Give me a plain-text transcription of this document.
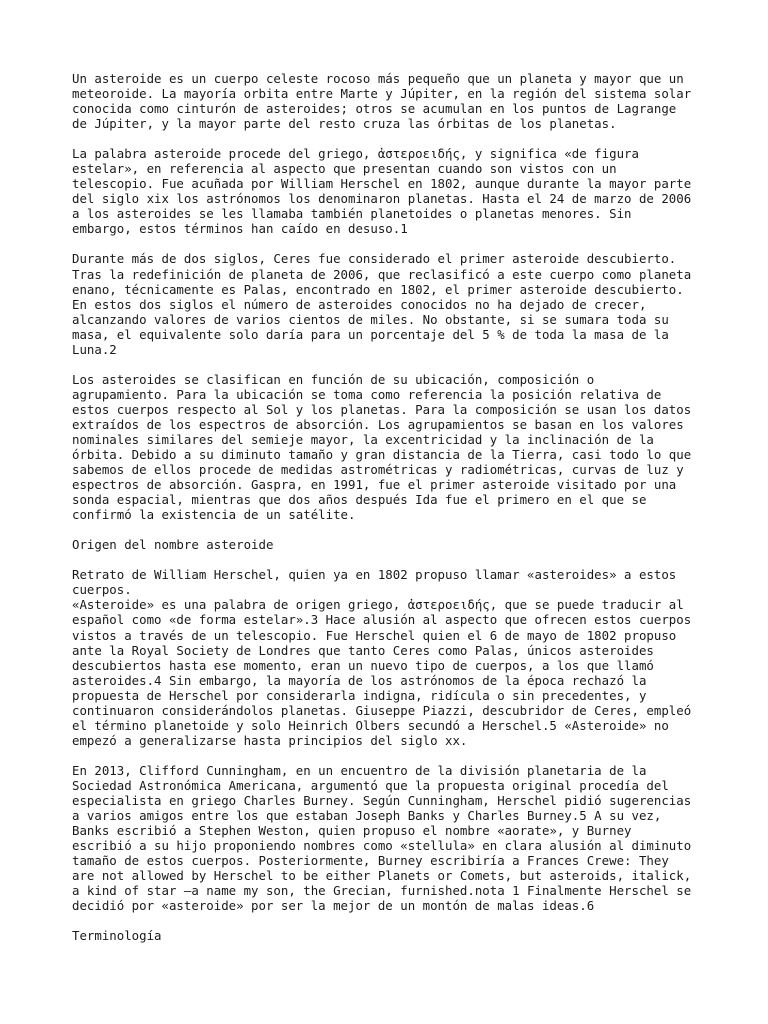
Un asteroide es un cuerpo celeste rocoso más pequeño que un planeta y mayor que un
meteoroide. La mayoría orbita entre Marte y Júpiter, en la región del sistema solar
conocida como cinturón de asteroides; otros se acumulan en los puntos de Lagrange
de Júpiter, y la mayor parte del resto cruza las órbitas de los planetas.

La palabra asteroide procede del griego, ἀστεροειδής, y significa «de figura
estelar», en referencia al aspecto que presentan cuando son vistos con un
telescopio. Fue acuñada por William Herschel en 1802, aunque durante la mayor parte
del siglo xix los astrónomos los denominaron planetas. Hasta el 24 de marzo de 2006
a los asteroides se les llamaba también planetoides o planetas menores. Sin
embargo, estos términos han caído en desuso.1

Durante más de dos siglos, Ceres fue considerado el primer asteroide descubierto.
Tras la redefinición de planeta de 2006, que reclasificó a este cuerpo como planeta
enano, técnicamente es Palas, encontrado en 1802, el primer asteroide descubierto.
En estos dos siglos el número de asteroides conocidos no ha dejado de crecer,
alcanzando valores de varios cientos de miles. No obstante, si se sumara toda su
masa, el equivalente solo daría para un porcentaje del 5 % de toda la masa de la
Luna.2

Los asteroides se clasifican en función de su ubicación, composición o
agrupamiento. Para la ubicación se toma como referencia la posición relativa de
estos cuerpos respecto al Sol y los planetas. Para la composición se usan los datos
extraídos de los espectros de absorción. Los agrupamientos se basan en los valores
nominales similares del semieje mayor, la excentricidad y la inclinación de la
órbita. Debido a su diminuto tamaño y gran distancia de la Tierra, casi todo lo que
sabemos de ellos procede de medidas astrométricas y radiométricas, curvas de luz y
espectros de absorción. Gaspra, en 1991, fue el primer asteroide visitado por una
sonda espacial, mientras que dos años después Ida fue el primero en el que se
confirmó la existencia de un satélite.

Origen del nombre asteroide

Retrato de William Herschel, quien ya en 1802 propuso llamar «asteroides» a estos
cuerpos.
«Asteroide» es una palabra de origen griego, ἀστεροειδής, que se puede traducir al
español como «de forma estelar».3 Hace alusión al aspecto que ofrecen estos cuerpos
vistos a través de un telescopio. Fue Herschel quien el 6 de mayo de 1802 propuso
ante la Royal Society de Londres que tanto Ceres como Palas, únicos asteroides
descubiertos hasta ese momento, eran un nuevo tipo de cuerpos, a los que llamó
asteroides.4 Sin embargo, la mayoría de los astrónomos de la época rechazó la
propuesta de Herschel por considerarla indigna, ridícula o sin precedentes, y
continuaron considerándolos planetas. Giuseppe Piazzi, descubridor de Ceres, empleó
el término planetoide y solo Heinrich Olbers secundó a Herschel.5 «Asteroide» no
empezó a generalizarse hasta principios del siglo xx.

En 2013, Clifford Cunningham, en un encuentro de la división planetaria de la
Sociedad Astronómica Americana, argumentó que la propuesta original procedía del
especialista en griego Charles Burney. Según Cunningham, Herschel pidió sugerencias
a varios amigos entre los que estaban Joseph Banks y Charles Burney.5 A su vez,
Banks escribió a Stephen Weston, quien propuso el nombre «aorate», y Burney
escribió a su hijo proponiendo nombres como «stellula» en clara alusión al diminuto
tamaño de estos cuerpos. Posteriormente, Burney escribiría a Frances Crewe: They
are not allowed by Herschel to be either Planets or Comets, but asteroids, italick,
a kind of star —a name my son, the Grecian, furnished.nota 1 Finalmente Herschel se
decidió por «asteroide» por ser la mejor de un montón de malas ideas.6

Terminología
